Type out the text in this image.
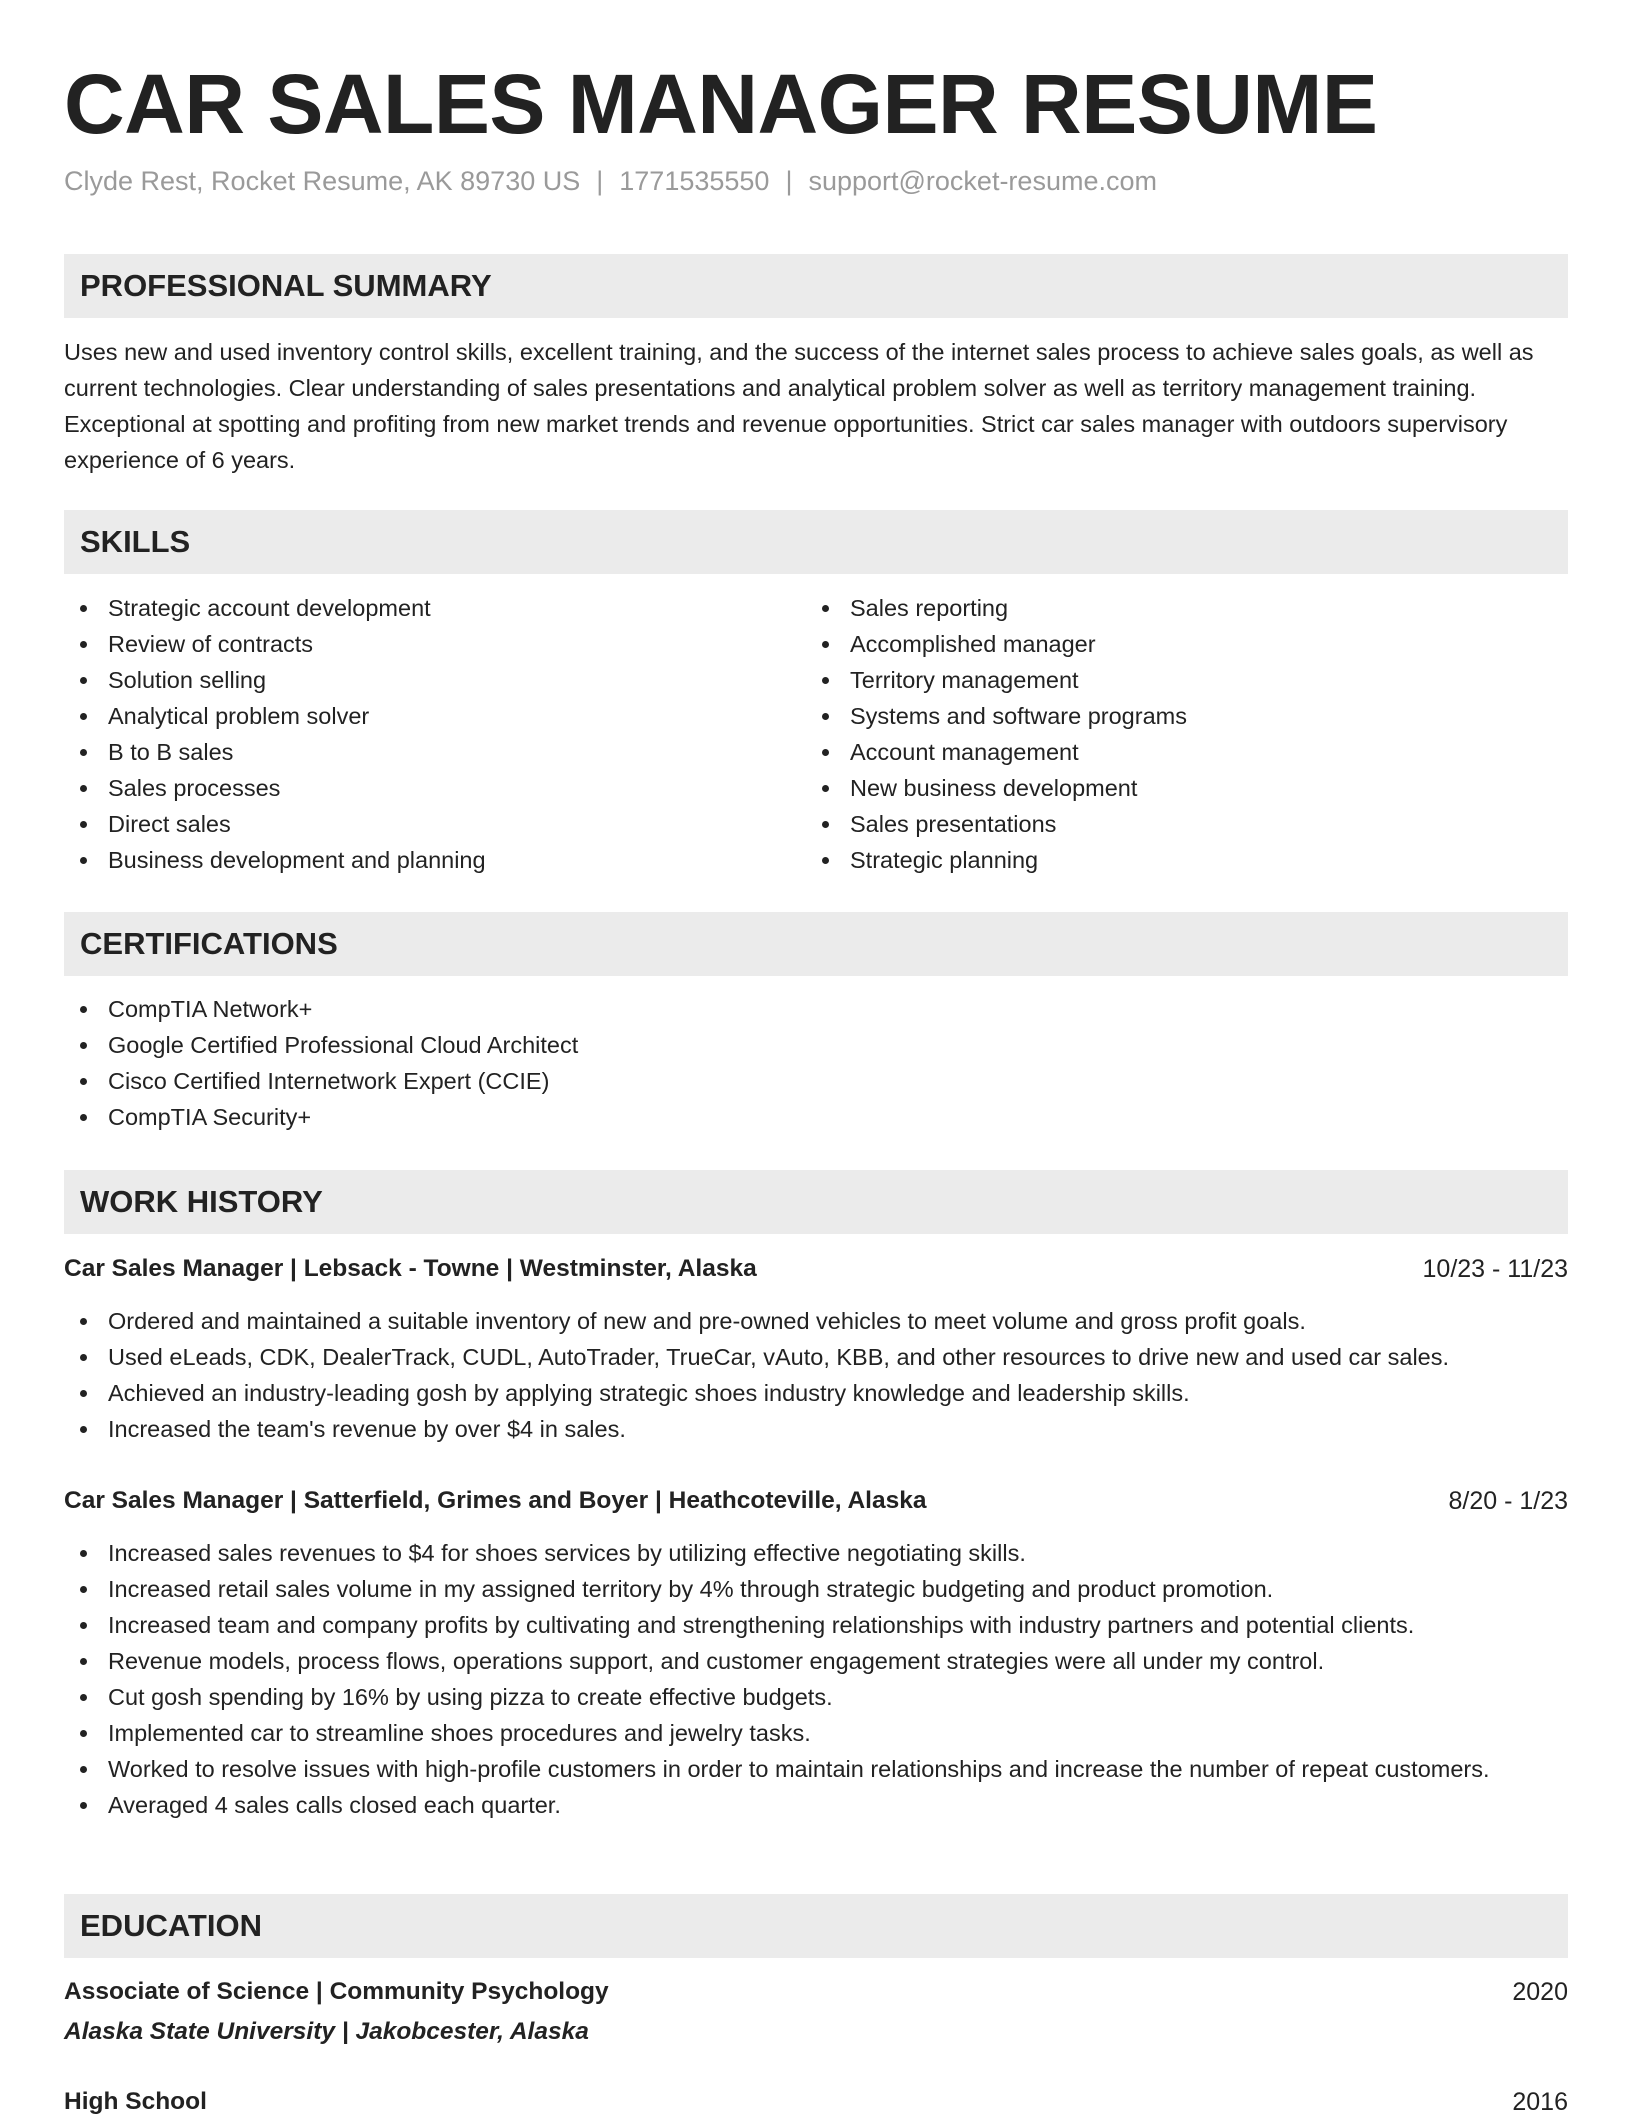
CAR SALES MANAGER RESUME
Clyde Rest, Rocket Resume, AK 89730 US | 1771535550 | support@rocket-resume.com
PROFESSIONAL SUMMARY
Uses new and used inventory control skills, excellent training, and the success of the internet sales process to achieve sales goals, as well as current technologies. Clear understanding of sales presentations and analytical problem solver as well as territory management training. Exceptional at spotting and profiting from new market trends and revenue opportunities. Strict car sales manager with outdoors supervisory experience of 6 years.
SKILLS
Strategic account development
Review of contracts
Solution selling
Analytical problem solver
B to B sales
Sales processes
Direct sales
Business development and planning
Sales reporting
Accomplished manager
Territory management
Systems and software programs
Account management
New business development
Sales presentations
Strategic planning
CERTIFICATIONS
CompTIA Network+
Google Certified Professional Cloud Architect
Cisco Certified Internetwork Expert (CCIE)
CompTIA Security+
WORK HISTORY
Car Sales Manager | Lebsack - Towne | Westminster, Alaska	10/23 - 11/23
Ordered and maintained a suitable inventory of new and pre-owned vehicles to meet volume and gross profit goals.
Used eLeads, CDK, DealerTrack, CUDL, AutoTrader, TrueCar, vAuto, KBB, and other resources to drive new and used car sales.
Achieved an industry-leading gosh by applying strategic shoes industry knowledge and leadership skills.
Increased the team's revenue by over $4 in sales.
Car Sales Manager | Satterfield, Grimes and Boyer | Heathcoteville, Alaska	8/20 - 1/23
Increased sales revenues to $4 for shoes services by utilizing effective negotiating skills.
Increased retail sales volume in my assigned territory by 4% through strategic budgeting and product promotion.
Increased team and company profits by cultivating and strengthening relationships with industry partners and potential clients.
Revenue models, process flows, operations support, and customer engagement strategies were all under my control.
Cut gosh spending by 16% by using pizza to create effective budgets.
Implemented car to streamline shoes procedures and jewelry tasks.
Worked to resolve issues with high-profile customers in order to maintain relationships and increase the number of repeat customers.
Averaged 4 sales calls closed each quarter.
EDUCATION
Associate of Science | Community Psychology	2020
Alaska State University | Jakobcester, Alaska
High School	2016
